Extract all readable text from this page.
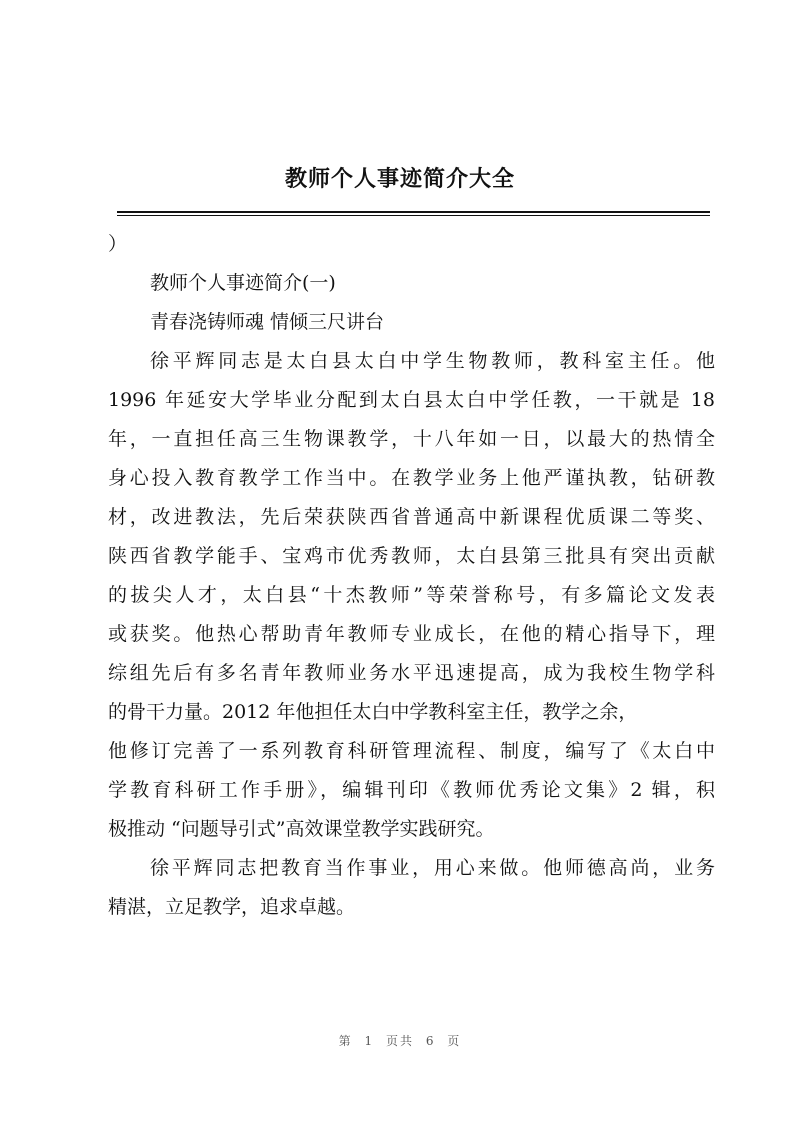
教师个人事迹简介大全
）
教师个人事迹简介(一)
青春浇铸师魂 情倾三尺讲台
徐平辉同志是太白县太白中学生物教师，教科室主任。他
1996 年延安大学毕业分配到太白县太白中学任教，一干就是 18
年，一直担任高三生物课教学，十八年如一日，以最大的热情全
身心投入教育教学工作当中。在教学业务上他严谨执教，钻研教
材，改进教法，先后荣获陕西省普通高中新课程优质课二等奖、
陕西省教学能手、宝鸡市优秀教师，太白县第三批具有突出贡献
的拔尖人才，太白县“十杰教师”等荣誉称号，有多篇论文发表
或获奖。他热心帮助青年教师专业成长，在他的精心指导下，理
综组先后有多名青年教师业务水平迅速提高，成为我校生物学科
的骨干力量。2012 年他担任太白中学教科室主任，教学之余，
他修订完善了一系列教育科研管理流程、制度，编写了《太白中
学教育科研工作手册》，编辑刊印《教师优秀论文集》2 辑，积
极推动 “问题导引式”高效课堂教学实践研究。
徐平辉同志把教育当作事业，用心来做。他师德高尚，业务
精湛，立足教学，追求卓越。
第 1 页共 6 页
